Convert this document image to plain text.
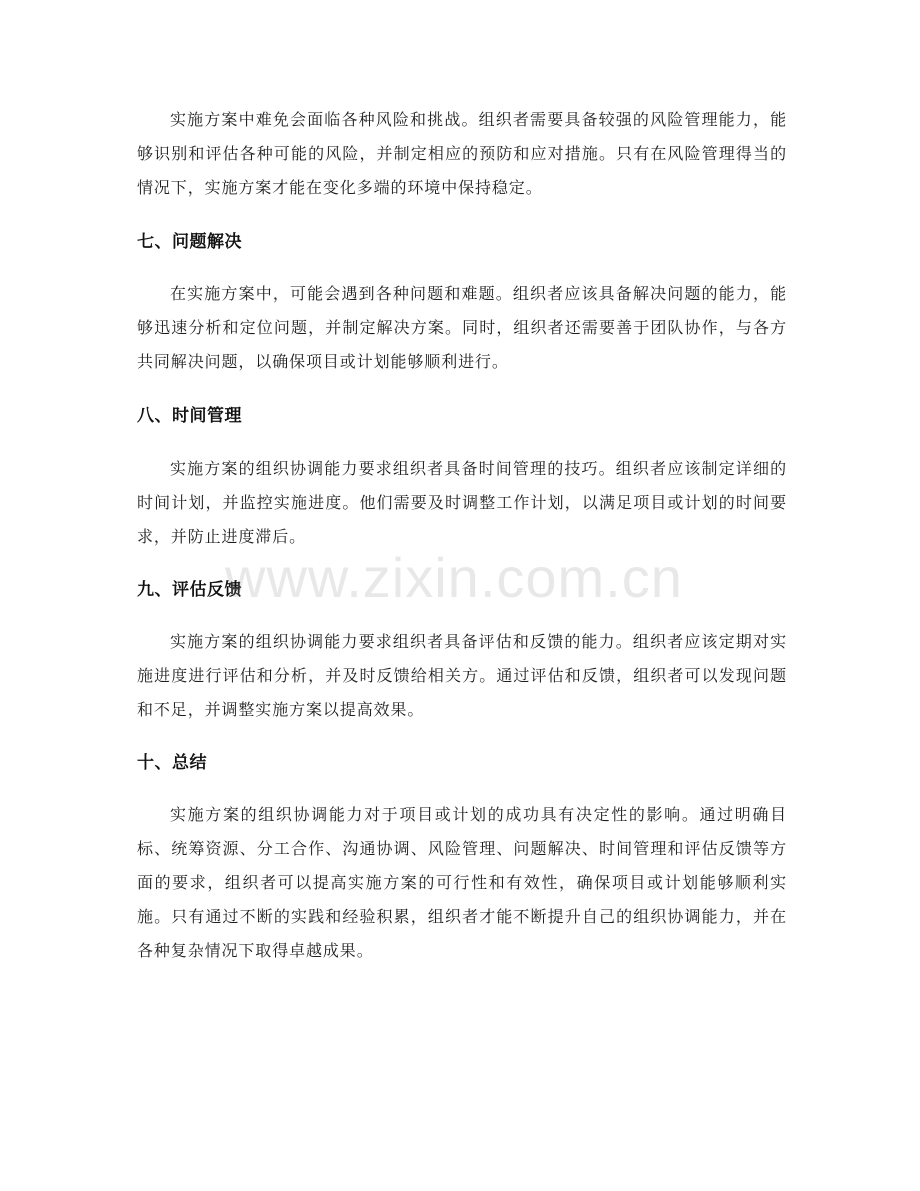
实施方案中难免会面临各种风险和挑战。组织者需要具备较强的风险管理能力，能够识别和评估各种可能的风险，并制定相应的预防和应对措施。只有在风险管理得当的情况下，实施方案才能在变化多端的环境中保持稳定。

七、问题解决

在实施方案中，可能会遇到各种问题和难题。组织者应该具备解决问题的能力，能够迅速分析和定位问题，并制定解决方案。同时，组织者还需要善于团队协作，与各方共同解决问题，以确保项目或计划能够顺利进行。

八、时间管理

实施方案的组织协调能力要求组织者具备时间管理的技巧。组织者应该制定详细的时间计划，并监控实施进度。他们需要及时调整工作计划，以满足项目或计划的时间要求，并防止进度滞后。

九、评估反馈

实施方案的组织协调能力要求组织者具备评估和反馈的能力。组织者应该定期对实施进度进行评估和分析，并及时反馈给相关方。通过评估和反馈，组织者可以发现问题和不足，并调整实施方案以提高效果。

十、总结

实施方案的组织协调能力对于项目或计划的成功具有决定性的影响。通过明确目标、统筹资源、分工合作、沟通协调、风险管理、问题解决、时间管理和评估反馈等方面的要求，组织者可以提高实施方案的可行性和有效性，确保项目或计划能够顺利实施。只有通过不断的实践和经验积累，组织者才能不断提升自己的组织协调能力，并在各种复杂情况下取得卓越成果。

www.zixin.com.cn
